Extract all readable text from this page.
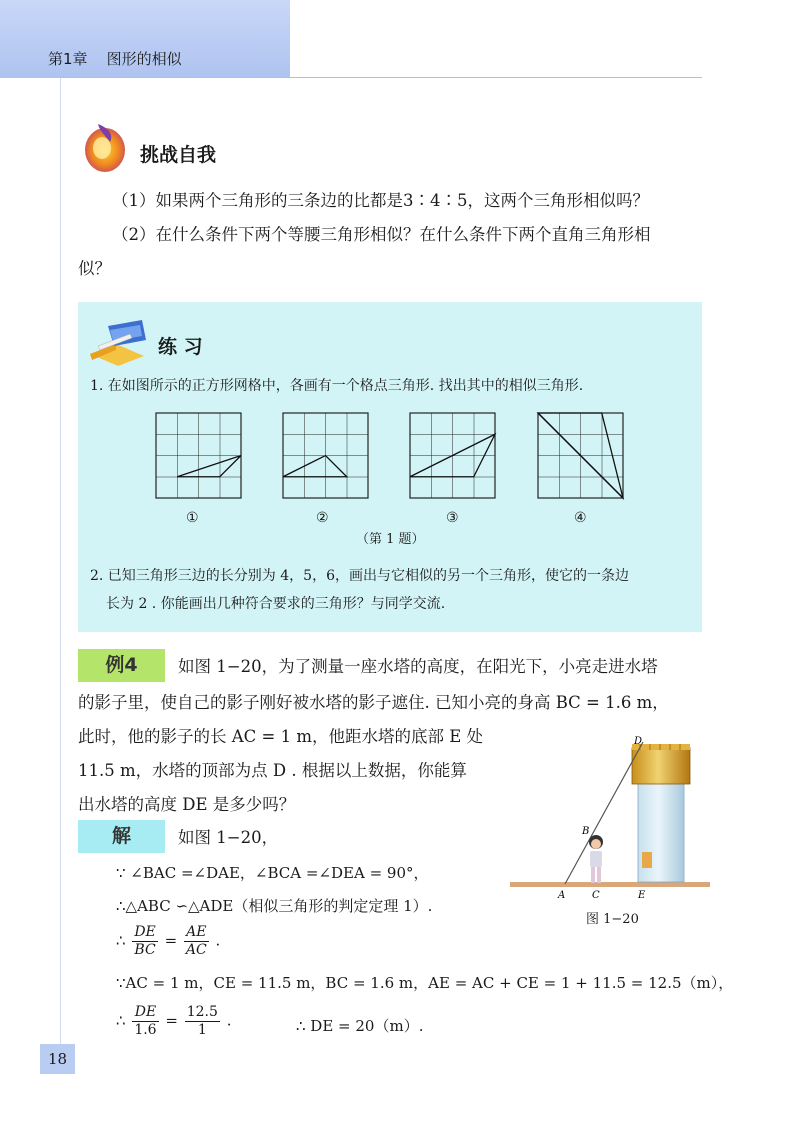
第1章 图形的相似
挑战自我
（1）如果两个三角形的三条边的比都是3∶4∶5，这两个三角形相似吗？
（2）在什么条件下两个等腰三角形相似？在什么条件下两个直角三角形相
似？
练 习
1. 在如图所示的正方形网格中，各画有一个格点三角形. 找出其中的相似三角形.
①	②	③	④
（第 1 题）
2. 已知三角形三边的长分别为 4，5，6，画出与它相似的另一个三角形，使它的一条边
长为 2 . 你能画出几种符合要求的三角形？与同学交流.
例4	如图 1−20，为了测量一座水塔的高度，在阳光下，小亮走进水塔
的影子里，使自己的影子刚好被水塔的影子遮住. 已知小亮的身高 BC = 1.6 m，
此时，他的影子的长 AC = 1 m，他距水塔的底部 E 处
11.5 m，水塔的顶部为点 D . 根据以上数据，你能算
出水塔的高度 DE 是多少吗？
D
B
A	C	E
图 1−20
解	如图 1−20，
∵ ∠BAC =∠DAE，∠BCA =∠DEA = 90°，
∴△ABC ∽△ADE（相似三角形的判定定理 1）.
∴ $\frac{DE}{BC} = \frac{AE}{AC}$ .
∵AC = 1 m，CE = 11.5 m，BC = 1.6 m，AE = AC + CE = 1 + 11.5 = 12.5（m），
∴ $\frac{DE}{1.6} = \frac{12.5}{1}$ .	∴ DE = 20（m）.
18
